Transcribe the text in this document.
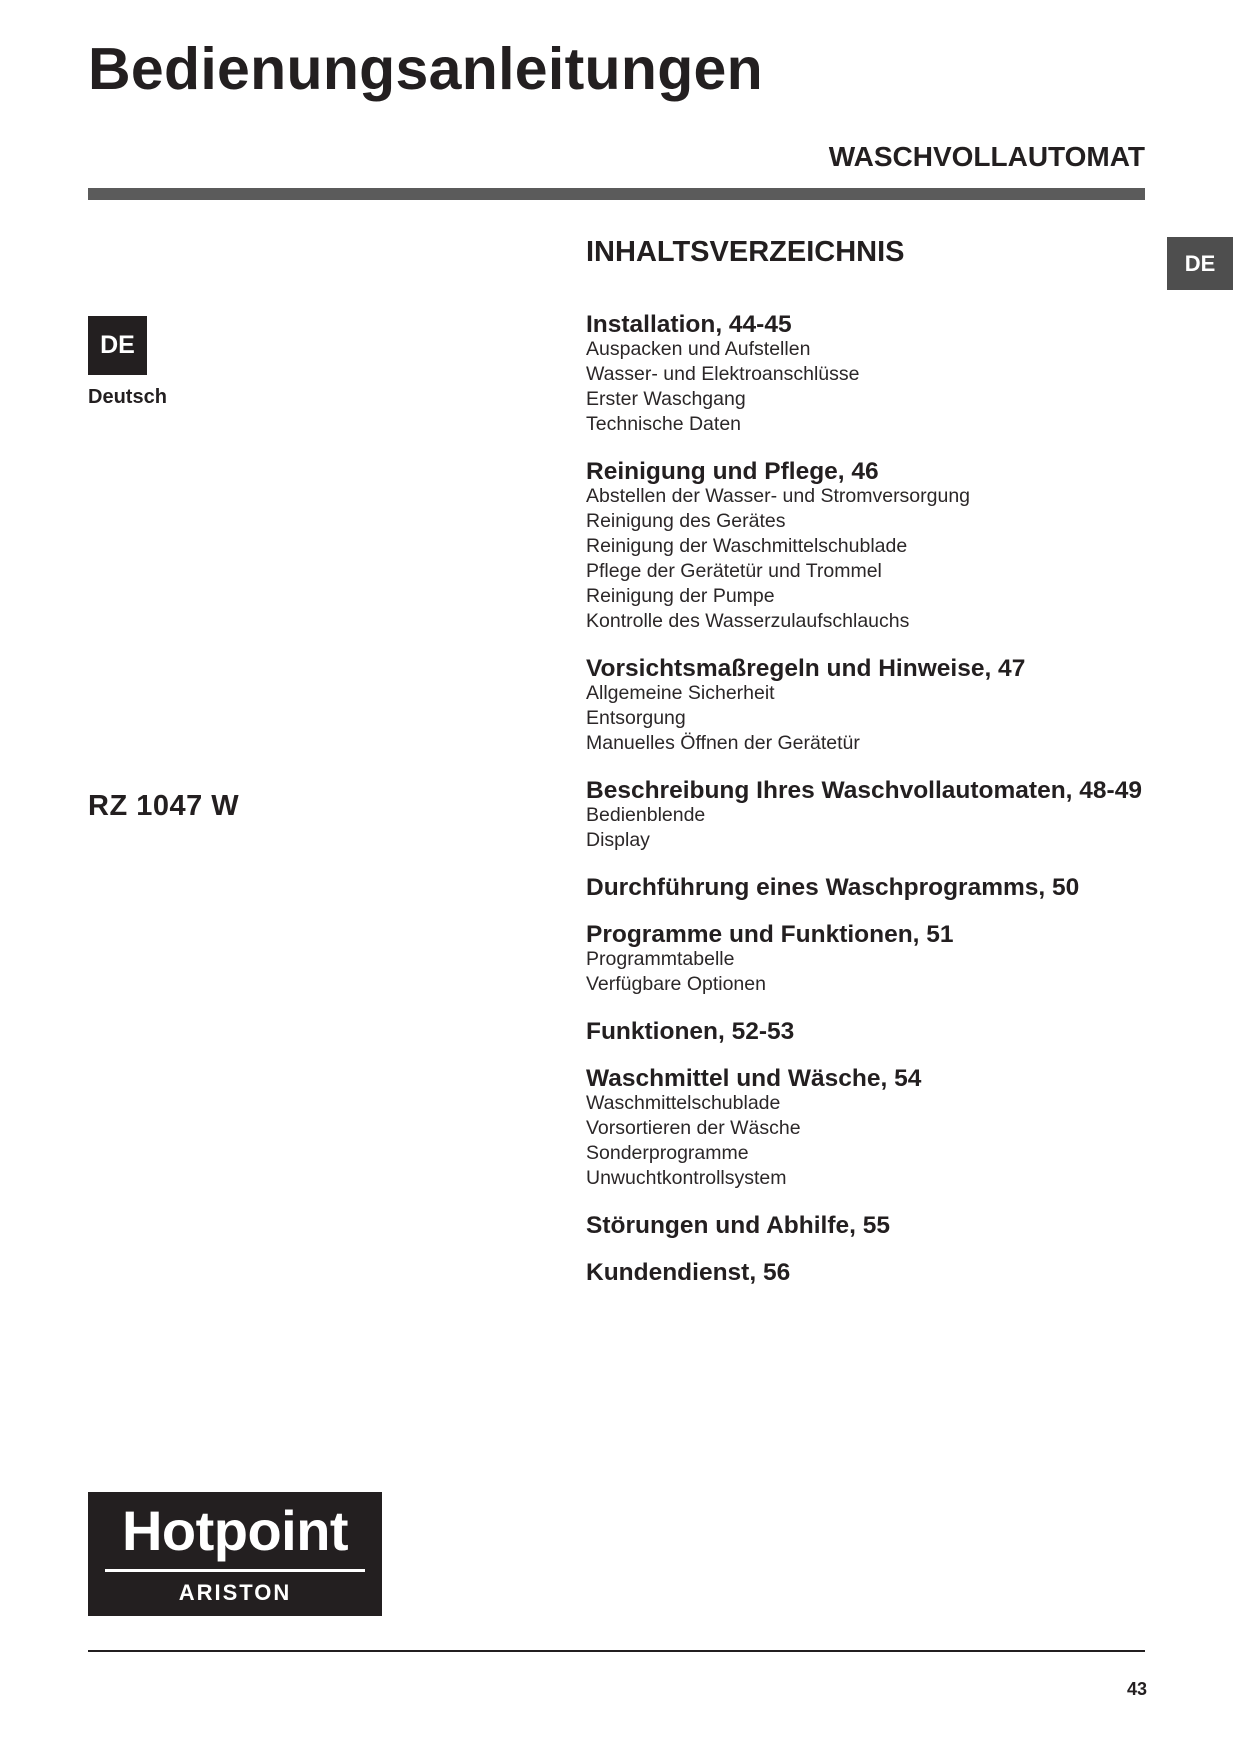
Bedienungsanleitungen
WASCHVOLLAUTOMAT
DE
DE
Deutsch
RZ 1047 W
INHALTSVERZEICHNIS
Installation, 44-45
Auspacken und Aufstellen
Wasser- und Elektroanschlüsse
Erster Waschgang
Technische Daten
Reinigung und Pflege, 46
Abstellen der Wasser- und Stromversorgung
Reinigung des Gerätes
Reinigung der Waschmittelschublade
Pflege der Gerätetür und Trommel
Reinigung der Pumpe
Kontrolle des Wasserzulaufschlauchs
Vorsichtsmaßregeln und Hinweise, 47
Allgemeine Sicherheit
Entsorgung
Manuelles Öffnen der Gerätetür
Beschreibung Ihres Waschvollautomaten, 48-49
Bedienblende
Display
Durchführung eines Waschprogramms, 50
Programme und Funktionen, 51
Programmtabelle
Verfügbare Optionen
Funktionen, 52-53
Waschmittel und Wäsche, 54
Waschmittelschublade
Vorsortieren der Wäsche
Sonderprogramme
Unwuchtkontrollsystem
Störungen und Abhilfe, 55
Kundendienst, 56
Hotpoint
ARISTON
43
